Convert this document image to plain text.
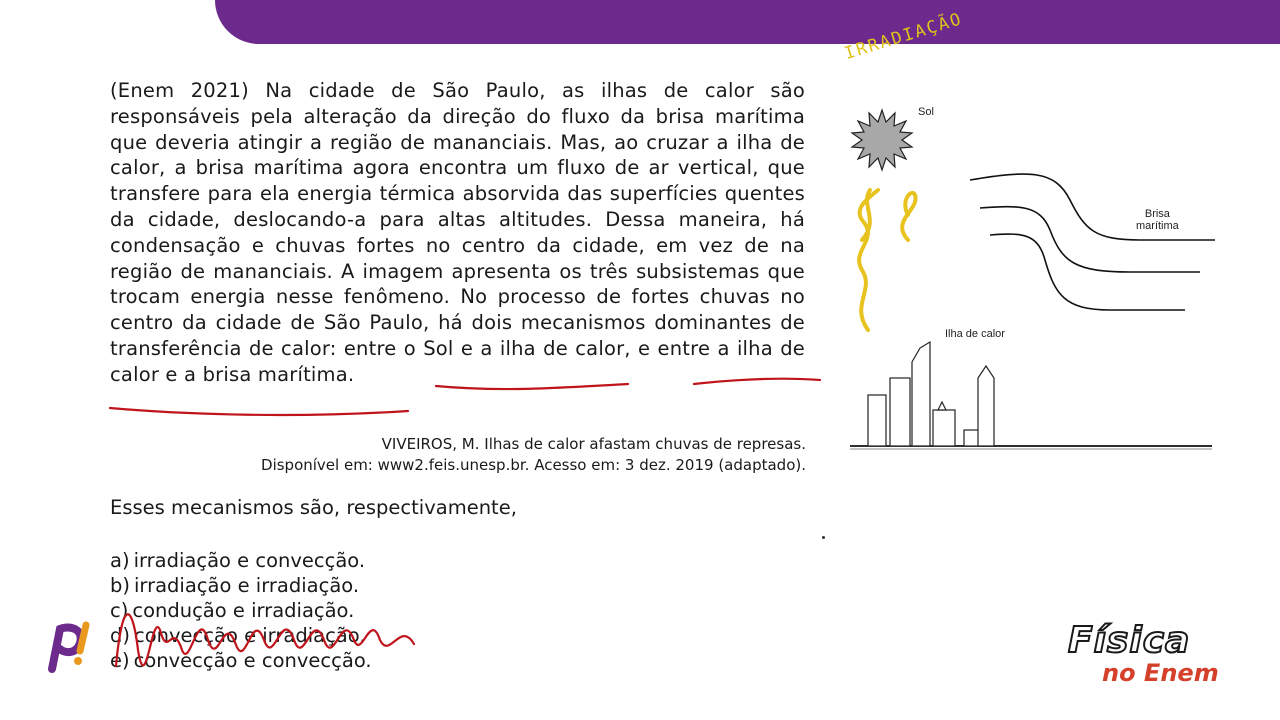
(Enem 2021) Na cidade de São Paulo, as ilhas de calor são responsáveis pela alteração da direção do fluxo da brisa marítima que deveria atingir a região de mananciais. Mas, ao cruzar a ilha de calor, a brisa marítima agora encontra um fluxo de ar vertical, que transfere para ela energia térmica absorvida das superfícies quentes da cidade, deslocando-a para altas altitudes. Dessa maneira, há condensação e chuvas fortes no centro da cidade, em vez de na região de mananciais. A imagem apresenta os três subsistemas que trocam energia nesse fenômeno. No processo de fortes chuvas no centro da cidade de São Paulo, há dois mecanismos dominantes de transferência de calor: entre o Sol e a ilha de calor, e entre a ilha de calor e a brisa marítima.

VIVEIROS, M. Ilhas de calor afastam chuvas de represas.
Disponível em: www2.feis.unesp.br. Acesso em: 3 dez. 2019 (adaptado).
Esses mecanismos são, respectivamente,
a) irradiação e convecção.
b) irradiação e irradiação.
c) condução e irradiação.
d) convecção e irradiação.
e) convecção e convecção.
Sol
Brisa
marítima
Ilha de calor
IRRADIAÇÃO
Física
no Enem
